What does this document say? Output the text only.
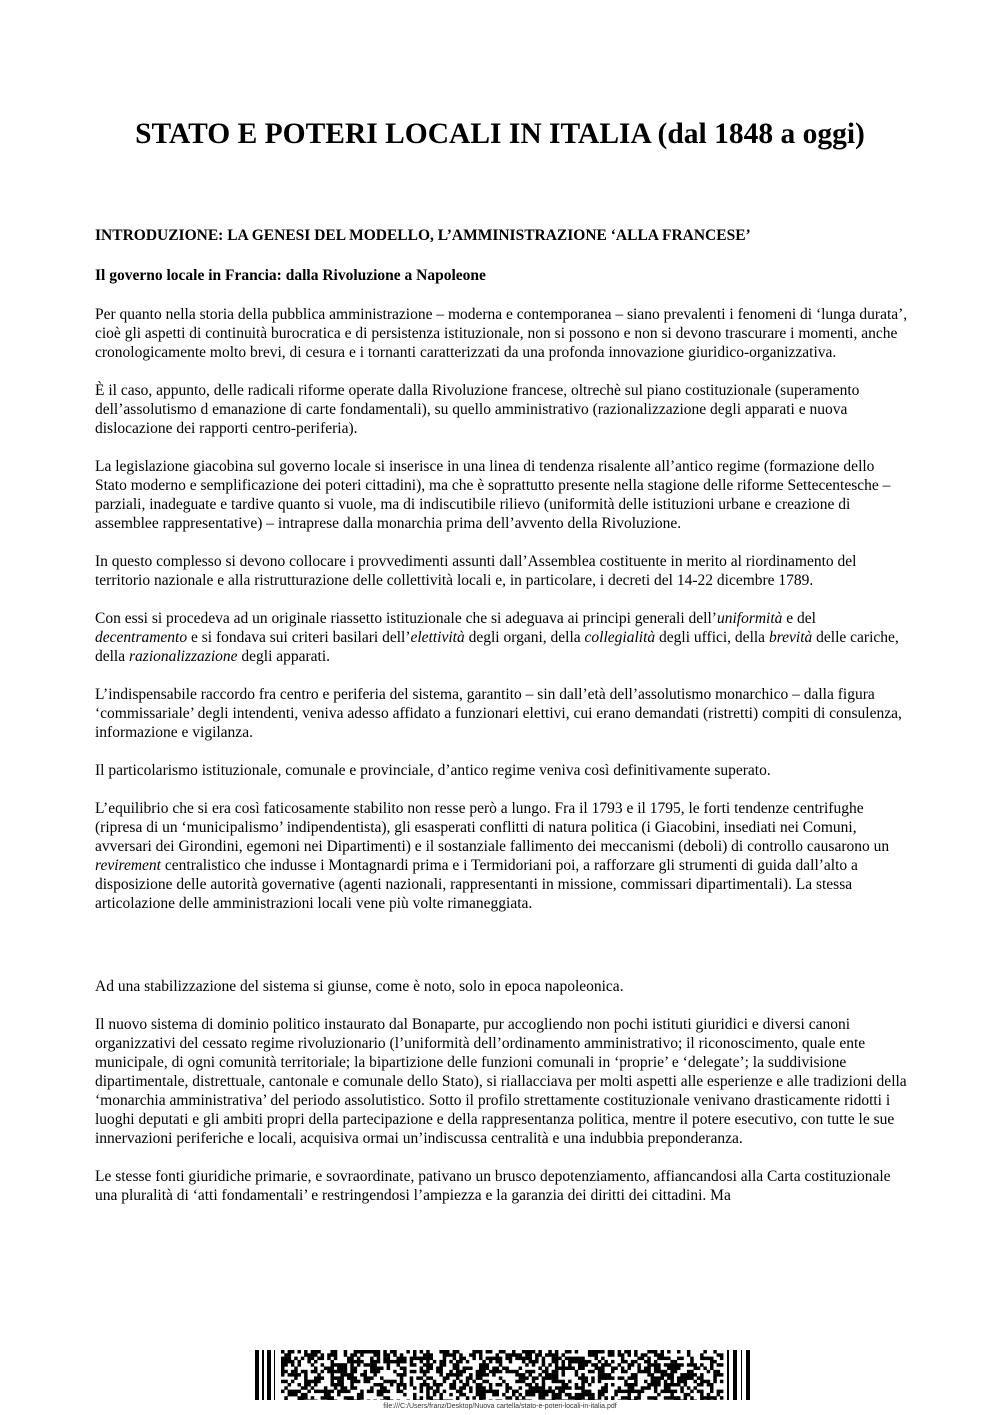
STATO E POTERI LOCALI IN ITALIA (dal 1848 a oggi)
INTRODUZIONE: LA GENESI DEL MODELLO, L’AMMINISTRAZIONE ‘ALLA FRANCESE’
Il governo locale in Francia: dalla Rivoluzione a Napoleone

Per quanto nella storia della pubblica amministrazione – moderna e contemporanea – siano prevalenti i fenomeni di ‘lunga durata’, cioè gli aspetti di continuità burocratica e di persistenza istituzionale, non si possono e non si devono trascurare i momenti, anche cronologicamente molto brevi, di cesura e i tornanti caratterizzati da una profonda innovazione giuridico-organizzativa.

È il caso, appunto, delle radicali riforme operate dalla Rivoluzione francese, oltrechè sul piano costituzionale (superamento dell’assolutismo d emanazione di carte fondamentali), su quello amministrativo (razionalizzazione degli apparati e nuova dislocazione dei rapporti centro-periferia).

La legislazione giacobina sul governo locale si inserisce in una linea di tendenza risalente all’antico regime (formazione dello Stato moderno e semplificazione dei poteri cittadini), ma che è soprattutto presente nella stagione delle riforme Settecentesche – parziali, inadeguate e tardive quanto si vuole, ma di indiscutibile rilievo (uniformità delle istituzioni urbane e creazione di assemblee rappresentative) – intraprese dalla monarchia prima dell’avvento della Rivoluzione.

In questo complesso si devono collocare i provvedimenti assunti dall’Assemblea costituente in merito al riordinamento del territorio nazionale e alla ristrutturazione delle collettività locali e, in particolare, i decreti del 14-22 dicembre 1789.

Con essi si procedeva ad un originale riassetto istituzionale che si adeguava ai principi generali dell’uniformità e del decentramento e si fondava sui criteri basilari dell’elettività degli organi, della collegialità degli uffici, della brevità delle cariche, della razionalizzazione degli apparati.

L’indispensabile raccordo fra centro e periferia del sistema, garantito – sin dall’età dell’assolutismo monarchico – dalla figura ‘commissariale’ degli intendenti, veniva adesso affidato a funzionari elettivi, cui erano demandati (ristretti) compiti di consulenza, informazione e vigilanza.

Il particolarismo istituzionale, comunale e provinciale, d’antico regime veniva così definitivamente superato.

L’equilibrio che si era così faticosamente stabilito non resse però a lungo. Fra il 1793 e il 1795, le forti tendenze centrifughe (ripresa di un ‘municipalismo’ indipendentista), gli esasperati conflitti di natura politica (i Giacobini, insediati nei Comuni, avversari dei Girondini, egemoni nei Dipartimenti) e il sostanziale fallimento dei meccanismi (deboli) di controllo causarono un revirement centralistico che indusse i Montagnardi prima e i Termidoriani poi, a rafforzare gli strumenti di guida dall’alto a disposizione delle autorità governative (agenti nazionali, rappresentanti in missione, commissari dipartimentali). La stessa articolazione delle amministrazioni locali vene più volte rimaneggiata.

Ad una stabilizzazione del sistema si giunse, come è noto, solo in epoca napoleonica.

Il nuovo sistema di dominio politico instaurato dal Bonaparte, pur accogliendo non pochi istituti giuridici e diversi canoni organizzativi del cessato regime rivoluzionario (l’uniformità dell’ordinamento amministrativo; il riconoscimento, quale ente municipale, di ogni comunità territoriale; la bipartizione delle funzioni comunali in ‘proprie’ e ‘delegate’; la suddivisione dipartimentale, distrettuale, cantonale e comunale dello Stato), si riallacciava per molti aspetti alle esperienze e alle tradizioni della ‘monarchia amministrativa’ del periodo assolutistico. Sotto il profilo strettamente costituzionale venivano drasticamente ridotti i luoghi deputati e gli ambiti propri della partecipazione e della rappresentanza politica, mentre il potere esecutivo, con tutte le sue innervazioni periferiche e locali, acquisiva ormai un’indiscussa centralità e una indubbia preponderanza.

Le stesse fonti giuridiche primarie, e sovraordinate, pativano un brusco depotenziamento, affiancandosi alla Carta costituzionale una pluralità di ‘atti fondamentali’ e restringendosi l’ampiezza e la garanzia dei diritti dei cittadini. Ma

file:///C:/Users/franz/Desktop/Nuova cartella/stato-e-poteri-locali-in-italia.pdf
